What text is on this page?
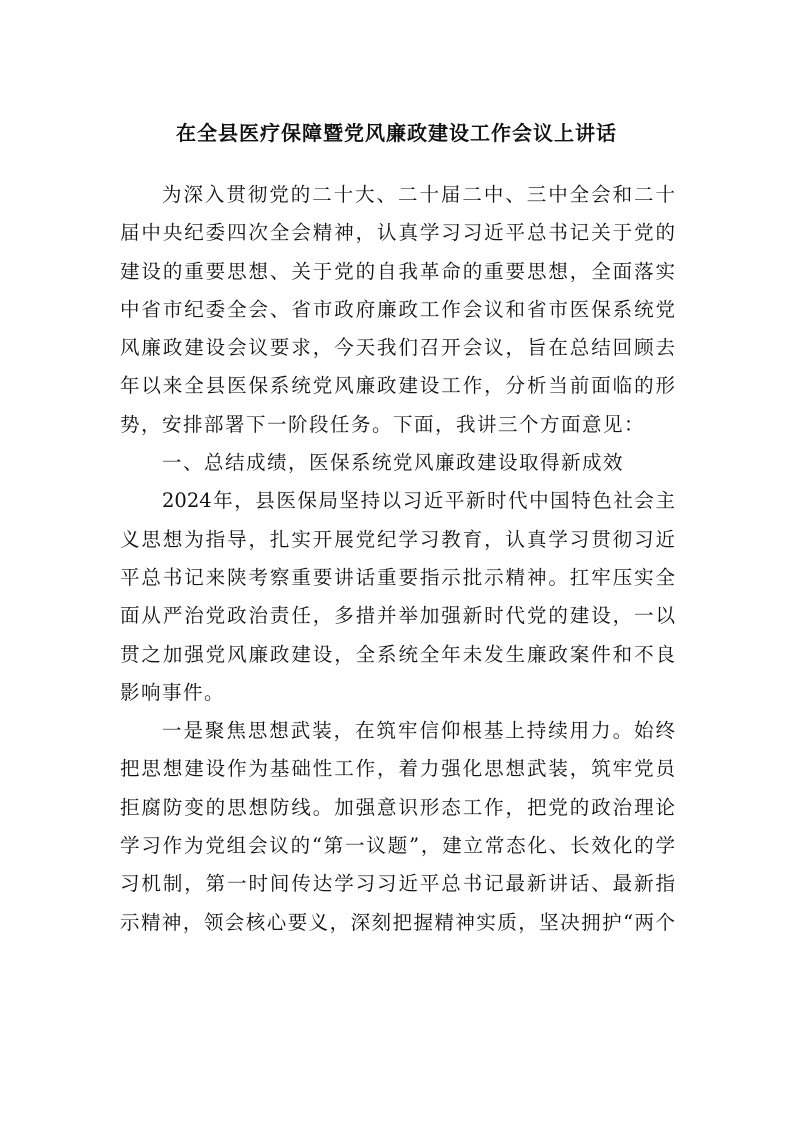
在全县医疗保障暨党风廉政建设工作会议上讲话
为深入贯彻党的二十大、二十届二中、三中全会和二十
届中央纪委四次全会精神，认真学习习近平总书记关于党的
建设的重要思想、关于党的自我革命的重要思想，全面落实
中省市纪委全会、省市政府廉政工作会议和省市医保系统党
风廉政建设会议要求，今天我们召开会议，旨在总结回顾去
年以来全县医保系统党风廉政建设工作，分析当前面临的形
势，安排部署下一阶段任务。下面，我讲三个方面意见：
一、总结成绩，医保系统党风廉政建设取得新成效
2024年，县医保局坚持以习近平新时代中国特色社会主
义思想为指导，扎实开展党纪学习教育，认真学习贯彻习近
平总书记来陕考察重要讲话重要指示批示精神。扛牢压实全
面从严治党政治责任，多措并举加强新时代党的建设，一以
贯之加强党风廉政建设，全系统全年未发生廉政案件和不良
影响事件。
一是聚焦思想武装，在筑牢信仰根基上持续用力。始终
把思想建设作为基础性工作，着力强化思想武装，筑牢党员
拒腐防变的思想防线。加强意识形态工作，把党的政治理论
学习作为党组会议的“第一议题”，建立常态化、长效化的学
习机制，第一时间传达学习习近平总书记最新讲话、最新指
示精神，领会核心要义，深刻把握精神实质，坚决拥护“两个
